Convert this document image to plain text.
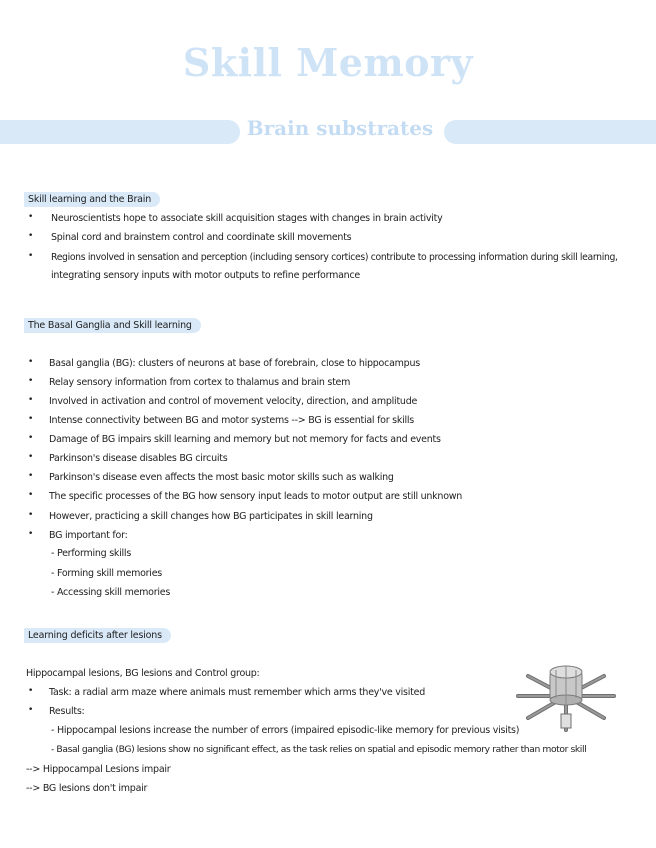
Skill Memory
Brain substrates
Skill learning and the Brain
• Neuroscientists hope to associate skill acquisition stages with changes in brain activity
• Spinal cord and brainstem control and coordinate skill movements
• Regions involved in sensation and perception (including sensory cortices) contribute to processing information during skill learning,
integrating sensory inputs with motor outputs to refine performance
The Basal Ganglia and Skill learning
• Basal ganglia (BG): clusters of neurons at base of forebrain, close to hippocampus
• Relay sensory information from cortex to thalamus and brain stem
• Involved in activation and control of movement velocity, direction, and amplitude
• Intense connectivity between BG and motor systems --> BG is essential for skills
• Damage of BG impairs skill learning and memory but not memory for facts and events
• Parkinson's disease disables BG circuits
• Parkinson's disease even affects the most basic motor skills such as walking
• The specific processes of the BG how sensory input leads to motor output are still unknown
• However, practicing a skill changes how BG participates in skill learning
• BG important for:
- Performing skills
- Forming skill memories
- Accessing skill memories
Learning deficits after lesions
Hippocampal lesions, BG lesions and Control group:
• Task: a radial arm maze where animals must remember which arms they've visited
• Results:
- Hippocampal lesions increase the number of errors (impaired episodic-like memory for previous visits)
- Basal ganglia (BG) lesions show no significant effect, as the task relies on spatial and episodic memory rather than motor skill
--> Hippocampal Lesions impair
--> BG lesions don't impair
